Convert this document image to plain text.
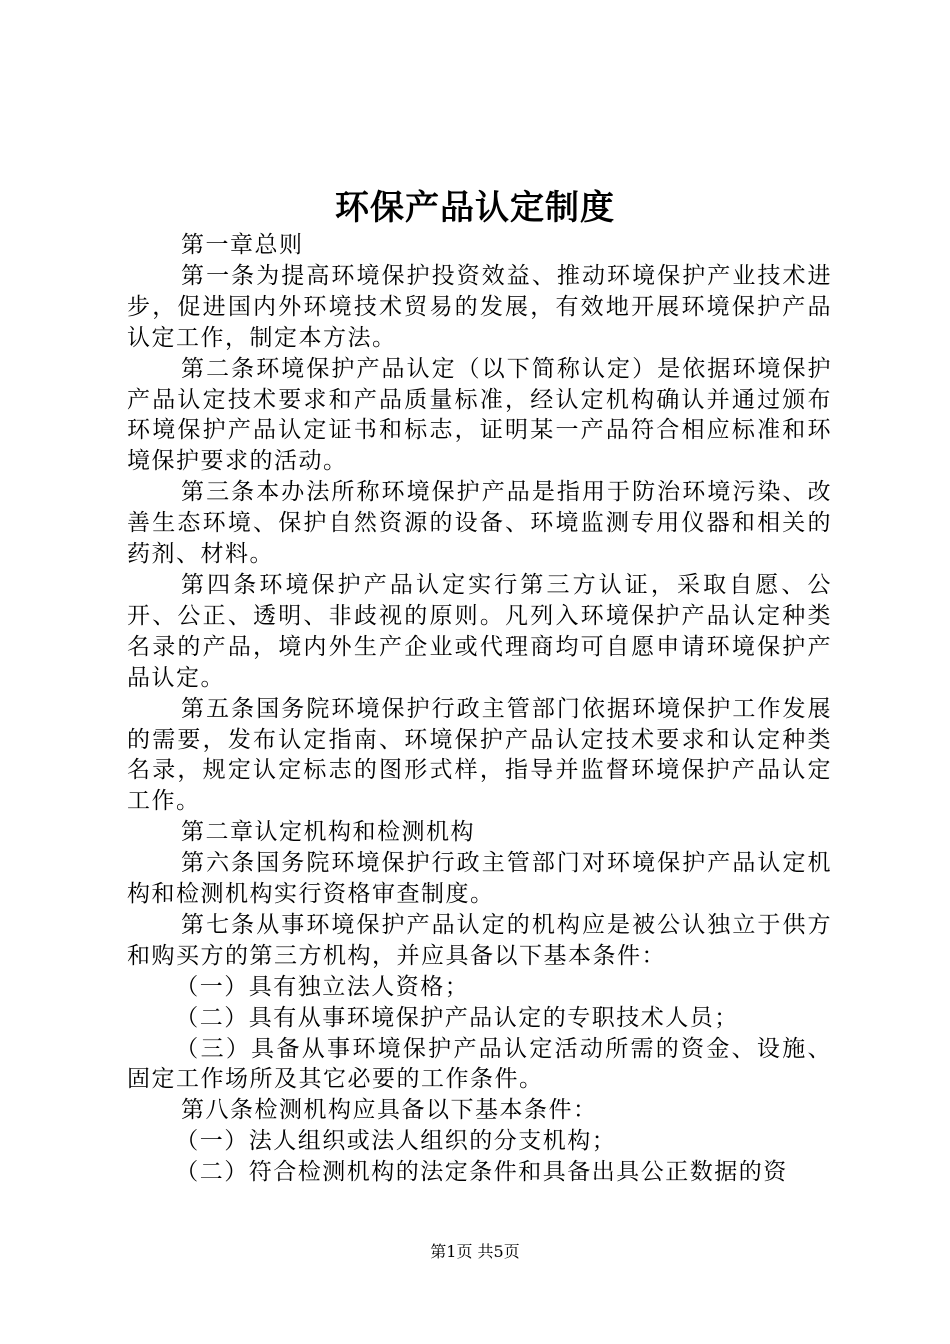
环保产品认定制度

第一章总则

第一条为提高环境保护投资效益、推动环境保护产业技术进步，促进国内外环境技术贸易的发展，有效地开展环境保护产品认定工作，制定本方法。

第二条环境保护产品认定（以下简称认定）是依据环境保护产品认定技术要求和产品质量标准，经认定机构确认并通过颁布环境保护产品认定证书和标志，证明某一产品符合相应标准和环境保护要求的活动。

第三条本办法所称环境保护产品是指用于防治环境污染、改善生态环境、保护自然资源的设备、环境监测专用仪器和相关的药剂、材料。

第四条环境保护产品认定实行第三方认证，采取自愿、公开、公正、透明、非歧视的原则。凡列入环境保护产品认定种类名录的产品，境内外生产企业或代理商均可自愿申请环境保护产品认定。

第五条国务院环境保护行政主管部门依据环境保护工作发展的需要，发布认定指南、环境保护产品认定技术要求和认定种类名录，规定认定标志的图形式样，指导并监督环境保护产品认定工作。

第二章认定机构和检测机构

第六条国务院环境保护行政主管部门对环境保护产品认定机构和检测机构实行资格审查制度。

第七条从事环境保护产品认定的机构应是被公认独立于供方和购买方的第三方机构，并应具备以下基本条件：

（一）具有独立法人资格；

（二）具有从事环境保护产品认定的专职技术人员；

（三）具备从事环境保护产品认定活动所需的资金、设施、固定工作场所及其它必要的工作条件。

第八条检测机构应具备以下基本条件：

（一）法人组织或法人组织的分支机构；

（二）符合检测机构的法定条件和具备出具公正数据的资

第1页 共5页
